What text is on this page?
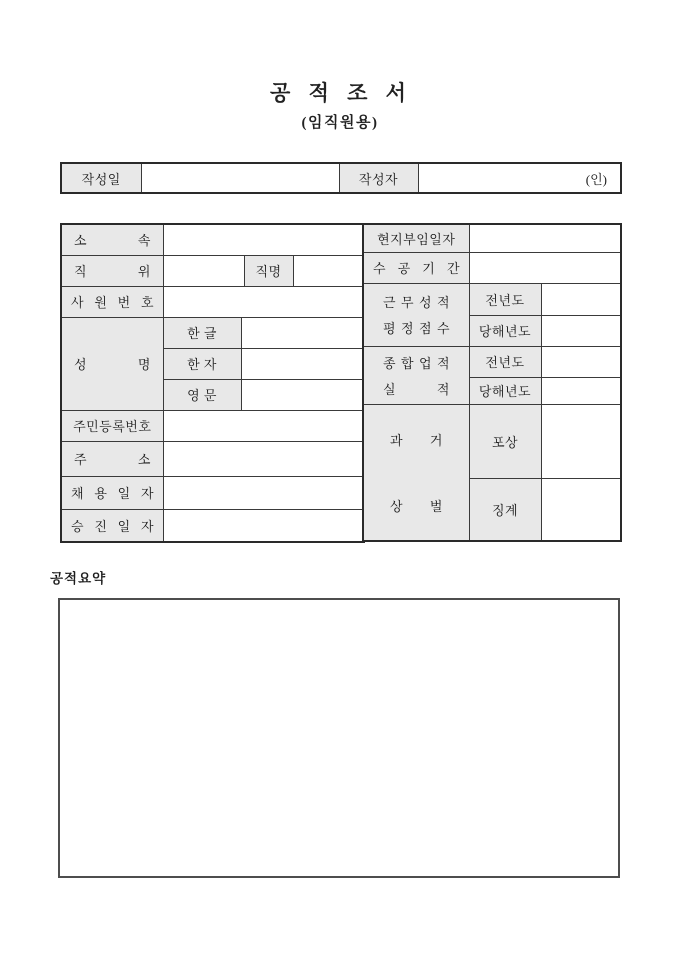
공 적 조 서
(임직원용)
작성일		작성자	(인)
소 속				
직 위			직명	
사 원 번 호				
성 명	한 글			
	한 자			
	영 문			
주민등록번호				
주 소				
채 용 일 자				
승 진 일 자				
현지부임일자		
수 공 기 간		

근 무 성 적
평 정 점 수	전년도	
	당해년도	

종 합 업 적
실 적	전년도	
	당해년도	

과 거
상 벌	포상	
	징계	
공적요약
